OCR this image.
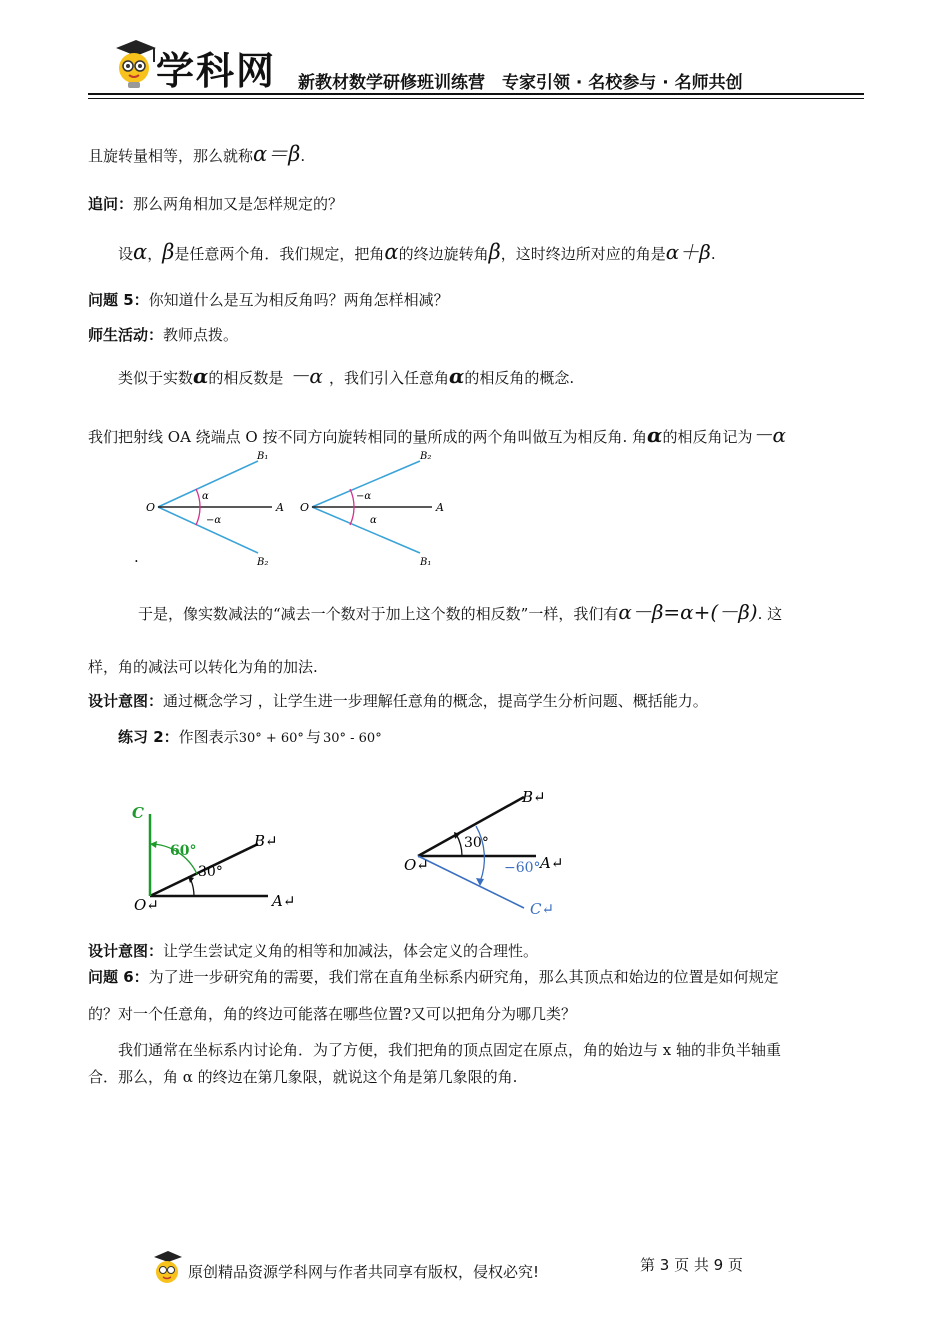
学科网 新教材数学研修班训练营　专家引领 · 名校参与 · 名师共创
且旋转量相等，那么就称α＝β.
追问：那么两角相加又是怎样规定的？
设α，β是任意两个角．我们规定，把角α的终边旋转角β，这时终边所对应的角是α＋β.
问题 5：你知道什么是互为相反角吗？两角怎样相减？
师生活动：教师点拨。
类似于实数α的相反数是 －α ，我们引入任意角α的相反角的概念.
我们把射线 OA 绕端点 O 按不同方向旋转相同的量所成的两个角叫做互为相反角. 角α的相反角记为－α
O	A
B₁
B₂
α
−α
O	A
B₂
B₁
−α
α
.
于是，像实数减法的“减去一个数对于加上这个数的相反数”一样，我们有α－β=α+(－β). 这
样，角的减法可以转化为角的加法.
设计意图：通过概念学习 ，让学生进一步理解任意角的概念，提高学生分析问题、概括能力。
练习 2：作图表示30° + 60° 与 30° - 60°
C
B↵
O↵	A↵
60°
30°
B↵
O↵	A↵
C↵
30°
−60°
设计意图：让学生尝试定义角的相等和加减法，体会定义的合理性。
问题 6：为了进一步研究角的需要，我们常在直角坐标系内研究角，那么其顶点和始边的位置是如何规定
的？对一个任意角，角的终边可能落在哪些位置?又可以把角分为哪几类？
我们通常在坐标系内讨论角．为了方便，我们把角的顶点固定在原点，角的始边与 x 轴的非负半轴重
合．那么，角 α 的终边在第几象限，就说这个角是第几象限的角.
原创精品资源学科网与作者共同享有版权，侵权必究!	第 3 页 共 9 页
